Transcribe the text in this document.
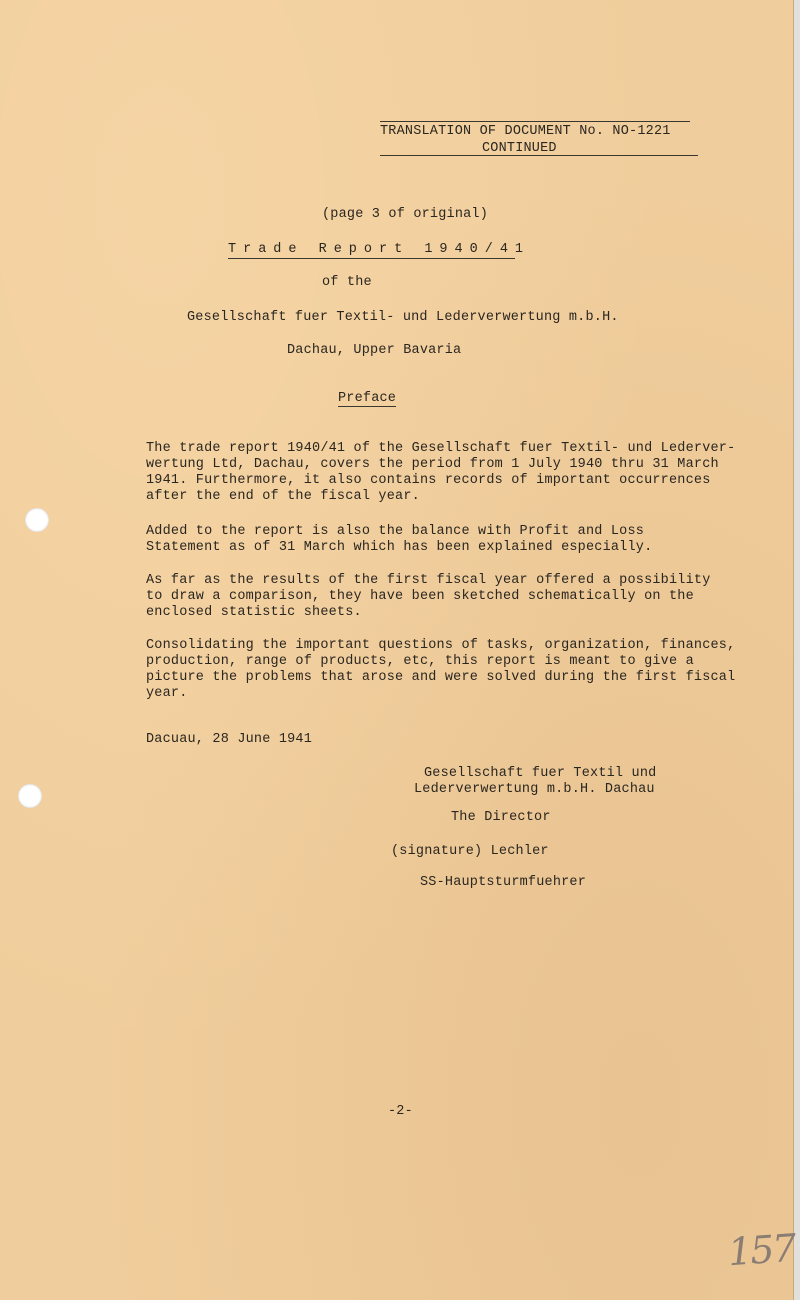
TRANSLATION OF DOCUMENT No. NO-1221
CONTINUED
(page 3 of original)
Trade Report 1940/41
of the
Gesellschaft fuer Textil- und Lederverwertung m.b.H.
Dachau, Upper Bavaria
Preface
The trade report 1940/41 of the Gesellschaft fuer Textil- und Lederver-
wertung Ltd, Dachau, covers the period from 1 July 1940 thru 31 March
1941. Furthermore, it also contains records of important occurrences
after the end of the fiscal year.
Added to the report is also the balance with Profit and Loss
Statement as of 31 March which has been explained especially.
As far as the results of the first fiscal year offered a possibility
to draw a comparison, they have been sketched schematically on the
enclosed statistic sheets.
Consolidating the important questions of tasks, organization, finances,
production, range of products, etc, this report is meant to give a
picture the problems that arose and were solved during the first fiscal
year.
Dacuau, 28 June 1941
Gesellschaft fuer Textil und
Lederverwertung m.b.H. Dachau
The Director
(signature) Lechler
SS-Hauptsturmfuehrer
-2-
157
